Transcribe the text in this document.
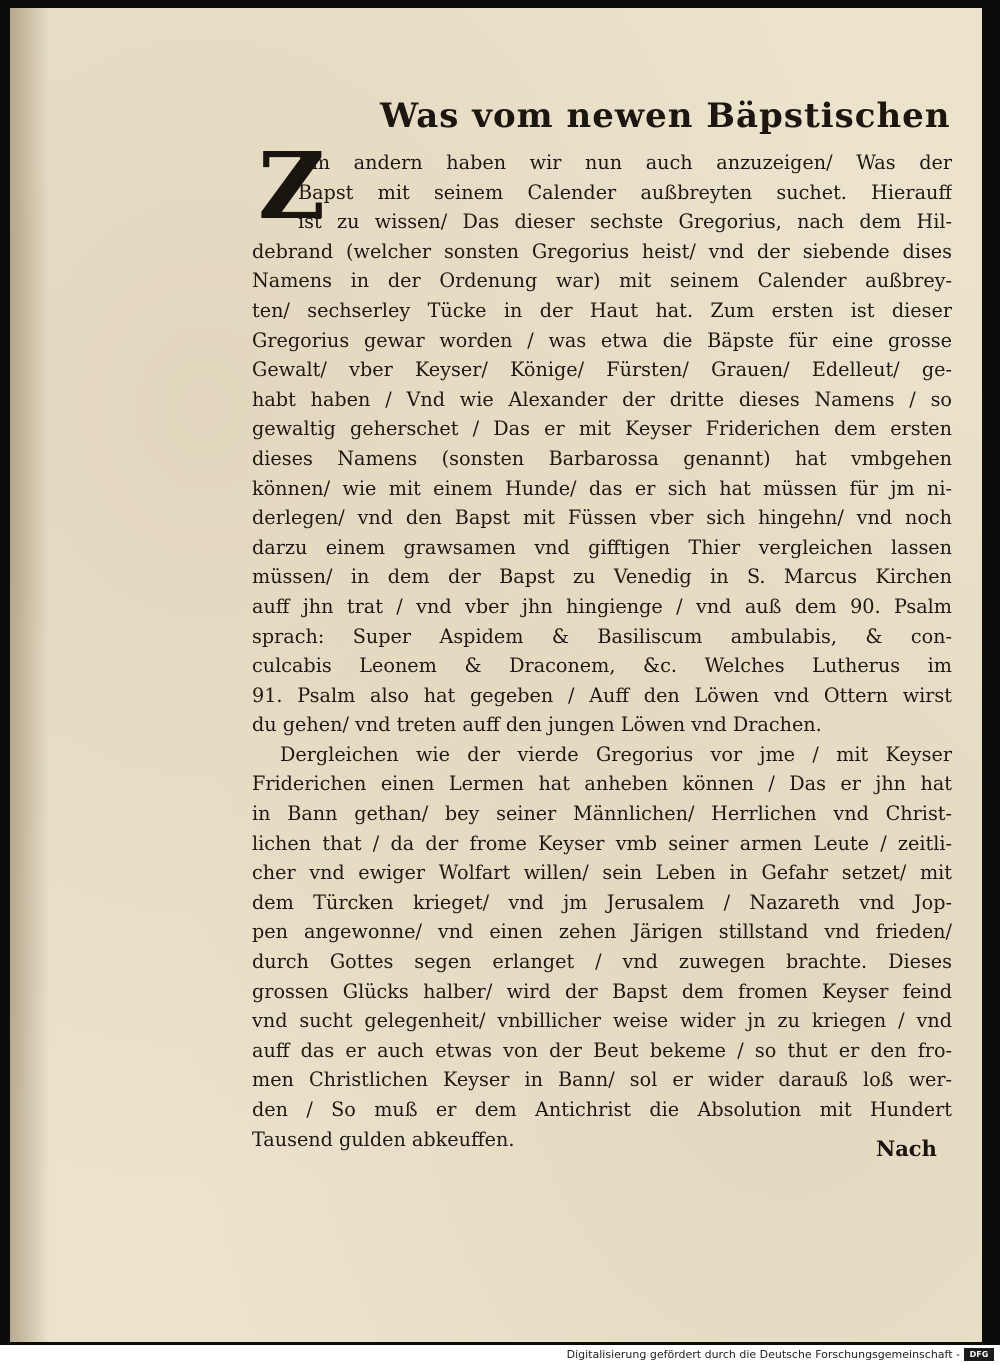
Was vom newen Bäpstischen
Z
Vm andern haben wir nun auch anzuzeigen/ Was der
Bapst mit seinem Calender außbreyten suchet. Hierauff
ist zu wissen/ Das dieser sechste Gregorius, nach dem Hil-
debrand (welcher sonsten Gregorius heist/ vnd der siebende dises
Namens in der Ordenung war) mit seinem Calender außbrey-
ten/ sechserley Tücke in der Haut hat. Zum ersten ist dieser
Gregorius gewar worden / was etwa die Bäpste für eine grosse
Gewalt/ vber Keyser/ Könige/ Fürsten/ Grauen/ Edelleut/ ge-
habt haben / Vnd wie Alexander der dritte dieses Namens / so
gewaltig geherschet / Das er mit Keyser Friderichen dem ersten
dieses Namens (sonsten Barbarossa genannt) hat vmbgehen
können/ wie mit einem Hunde/ das er sich hat müssen für jm ni-
derlegen/ vnd den Bapst mit Füssen vber sich hingehn/ vnd noch
darzu einem grawsamen vnd gifftigen Thier vergleichen lassen
müssen/ in dem der Bapst zu Venedig in S. Marcus Kirchen
auff jhn trat / vnd vber jhn hingienge / vnd auß dem 90. Psalm
sprach: Super Aspidem & Basiliscum ambulabis, & con-
culcabis Leonem & Draconem, &c. Welches Lutherus im
91. Psalm also hat gegeben / Auff den Löwen vnd Ottern wirst
du gehen/ vnd treten auff den jungen Löwen vnd Drachen.
Dergleichen wie der vierde Gregorius vor jme / mit Keyser
Friderichen einen Lermen hat anheben können / Das er jhn hat
in Bann gethan/ bey seiner Männlichen/ Herrlichen vnd Christ-
lichen that / da der frome Keyser vmb seiner armen Leute / zeitli-
cher vnd ewiger Wolfart willen/ sein Leben in Gefahr setzet/ mit
dem Türcken krieget/ vnd jm Jerusalem / Nazareth vnd Jop-
pen angewonne/ vnd einen zehen Järigen stillstand vnd frieden/
durch Gottes segen erlanget / vnd zuwegen brachte. Dieses
grossen Glücks halber/ wird der Bapst dem fromen Keyser feind
vnd sucht gelegenheit/ vnbillicher weise wider jn zu kriegen / vnd
auff das er auch etwas von der Beut bekeme / so thut er den fro-
men Christlichen Keyser in Bann/ sol er wider darauß loß wer-
den / So muß er dem Antichrist die Absolution mit Hundert
Tausend gulden abkeuffen.	Nach
Digitalisierung gefördert durch die Deutsche Forschungsgemeinschaft -	DFG
